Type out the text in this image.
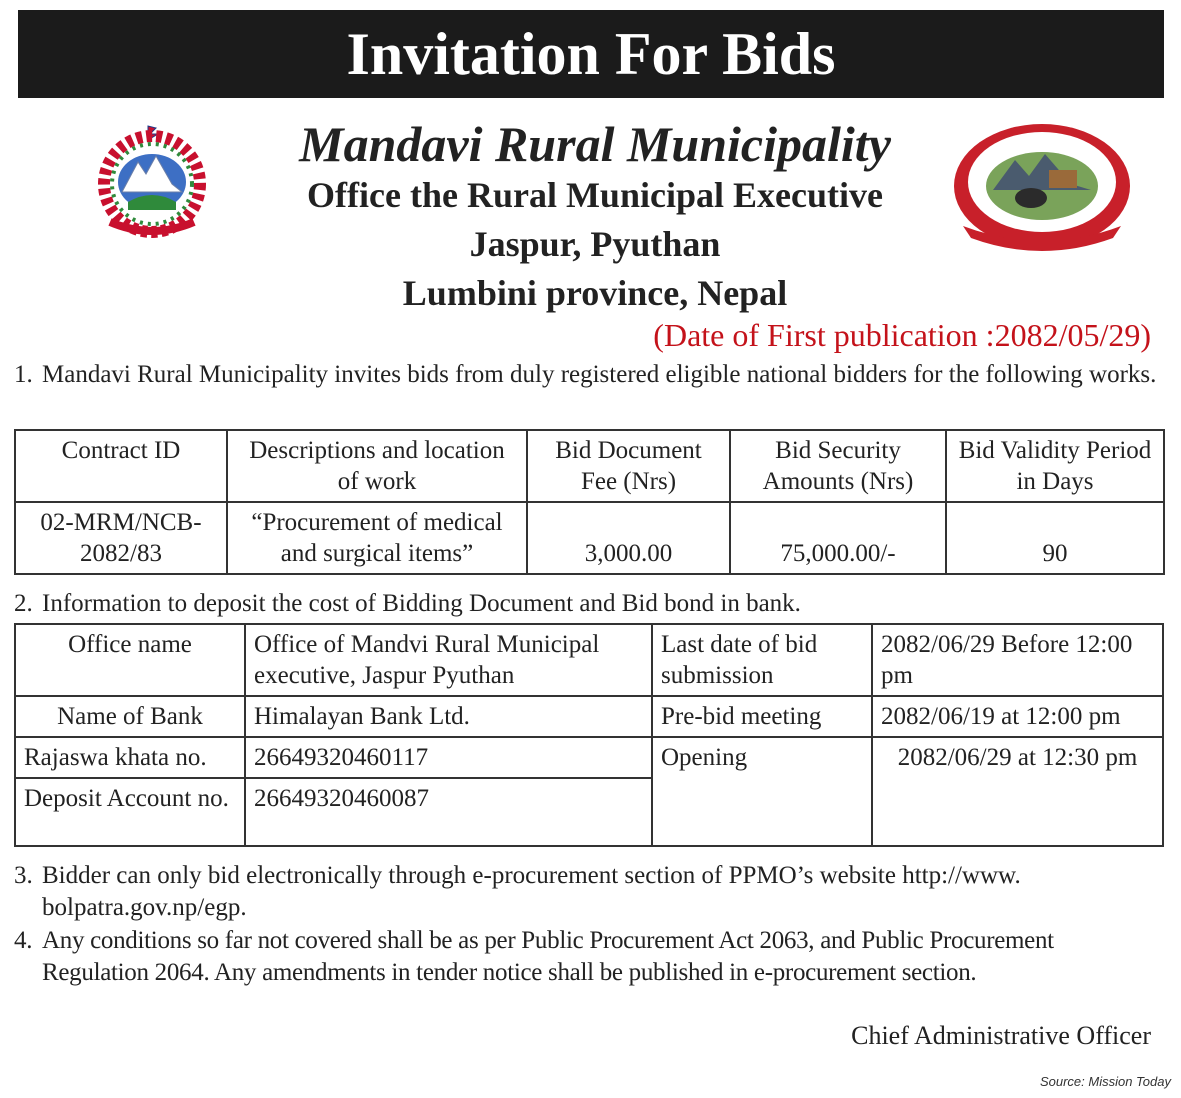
Invitation For Bids
Mandavi Rural Municipality
Office the Rural Municipal Executive
Jaspur, Pyuthan
Lumbini province, Nepal
(Date of First publication :2082/05/29)
1. Mandavi Rural Municipality invites bids from duly registered eligible national bidders for the following works.
Contract ID	Descriptions and location of work	Bid Document Fee (Nrs)	Bid Security Amounts (Nrs)	Bid Validity Period in Days
02-MRM/NCB-2082/83	“Procurement of medical and surgical items”	3,000.00	75,000.00/-	90
2. Information to deposit the cost of Bidding Document and Bid bond in bank.
Office name	Office of Mandvi Rural Municipal executive, Jaspur Pyuthan	Last date of bid submission	2082/06/29 Before 12:00 pm
Name of Bank	Himalayan Bank Ltd.	Pre-bid meeting	2082/06/19 at 12:00 pm
Rajaswa khata no.	26649320460117	Opening	2082/06/29 at 12:30 pm
Deposit Account no.	26649320460087		
3. Bidder can only bid electronically through e-procurement section of PPMO’s website http://www. bolpatra.gov.np/egp.
4. Any conditions so far not covered shall be as per Public Procurement Act 2063, and Public Procurement Regulation 2064. Any amendments in tender notice shall be published in e-procurement section.
Chief Administrative Officer
Source: Mission Today
